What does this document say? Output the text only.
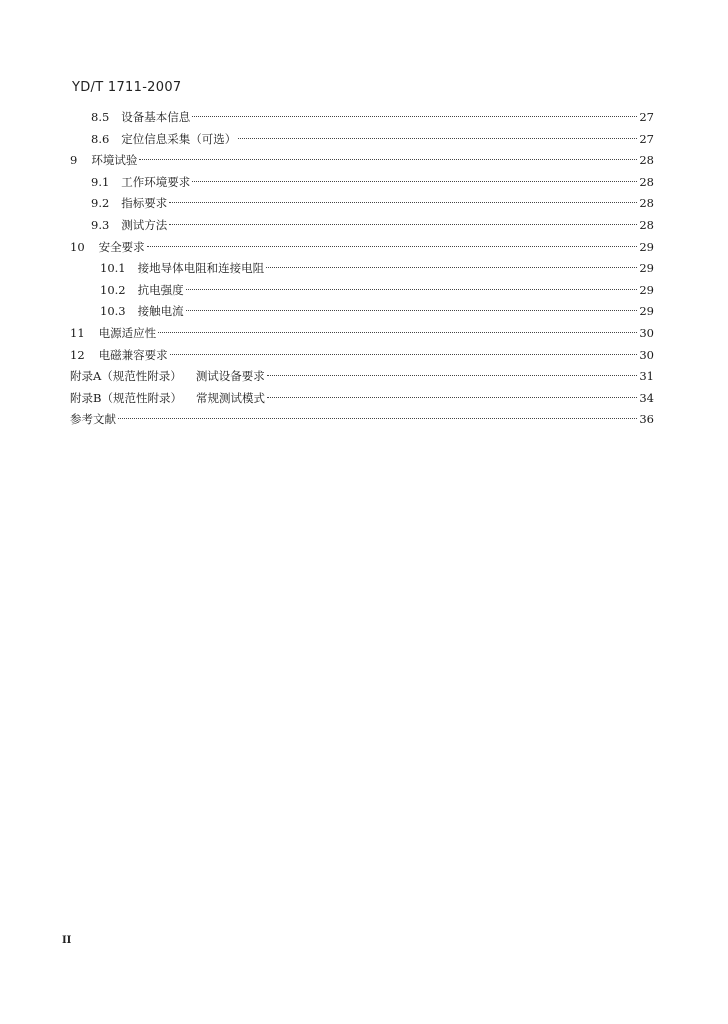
YD/T 1711-2007
8.5 设备基本信息	27
8.6 定位信息采集（可选）	27
9 环境试验	28
9.1 工作环境要求	28
9.2 指标要求	28
9.3 测试方法	28
10 安全要求	29
10.1 接地导体电阻和连接电阻	29
10.2 抗电强度	29
10.3 接触电流	29
11 电源适应性	30
12 电磁兼容要求	30
附录A（规范性附录） 测试设备要求	31
附录B（规范性附录） 常规测试模式	34
参考文献	36
II
